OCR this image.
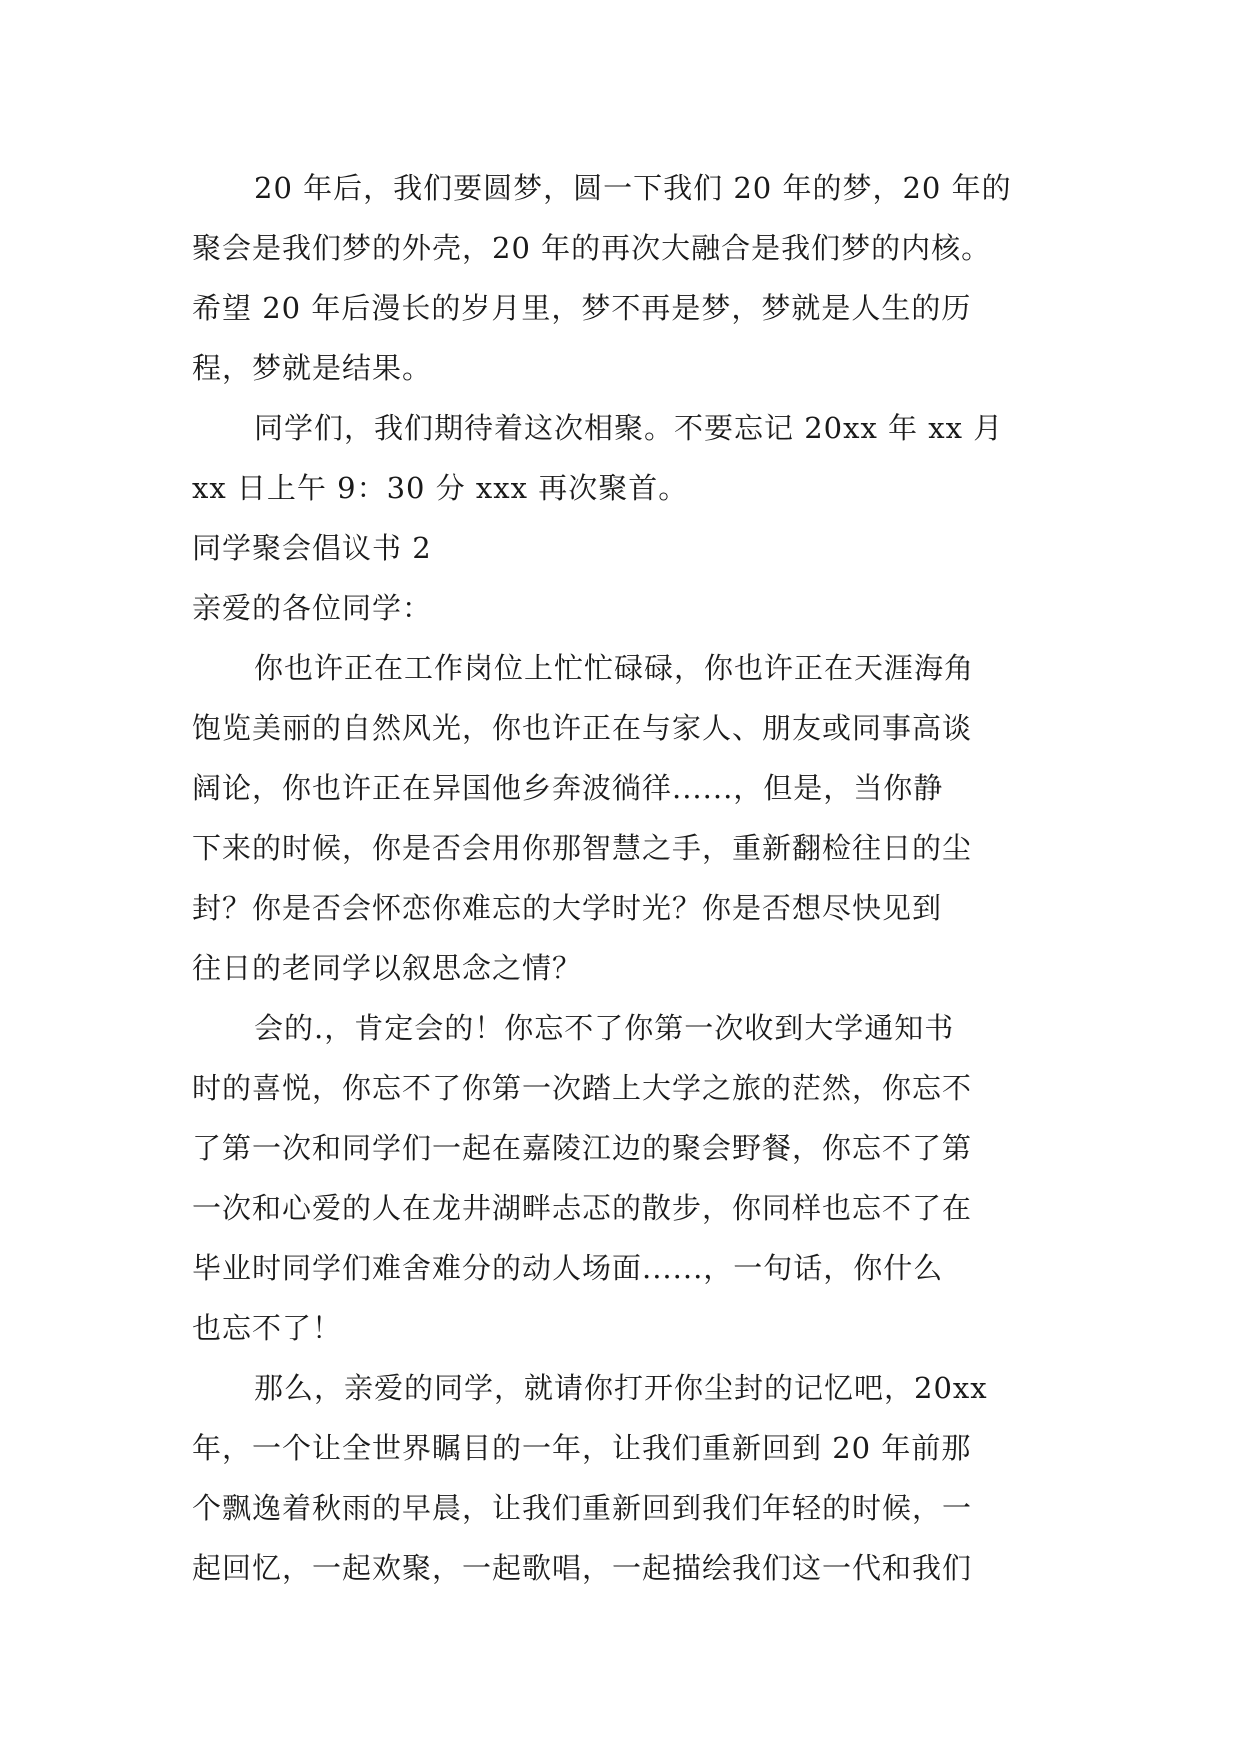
20 年后，我们要圆梦，圆一下我们 20 年的梦，20 年的
聚会是我们梦的外壳，20 年的再次大融合是我们梦的内核。
希望 20 年后漫长的岁月里，梦不再是梦，梦就是人生的历
程，梦就是结果。
同学们，我们期待着这次相聚。不要忘记 20xx 年 xx 月
xx 日上午 9：30 分 xxx 再次聚首。
同学聚会倡议书 2
亲爱的各位同学：
你也许正在工作岗位上忙忙碌碌，你也许正在天涯海角
饱览美丽的自然风光，你也许正在与家人、朋友或同事高谈
阔论，你也许正在异国他乡奔波徜徉......，但是，当你静
下来的时候，你是否会用你那智慧之手，重新翻检往日的尘
封？你是否会怀恋你难忘的大学时光？你是否想尽快见到
往日的老同学以叙思念之情？
会的.，肯定会的！你忘不了你第一次收到大学通知书
时的喜悦，你忘不了你第一次踏上大学之旅的茫然，你忘不
了第一次和同学们一起在嘉陵江边的聚会野餐，你忘不了第
一次和心爱的人在龙井湖畔忐忑的散步，你同样也忘不了在
毕业时同学们难舍难分的动人场面......，一句话，你什么
也忘不了！
那么，亲爱的同学，就请你打开你尘封的记忆吧，20xx
年，一个让全世界瞩目的一年，让我们重新回到 20 年前那
个飘逸着秋雨的早晨，让我们重新回到我们年轻的时候，一
起回忆，一起欢聚，一起歌唱，一起描绘我们这一代和我们
